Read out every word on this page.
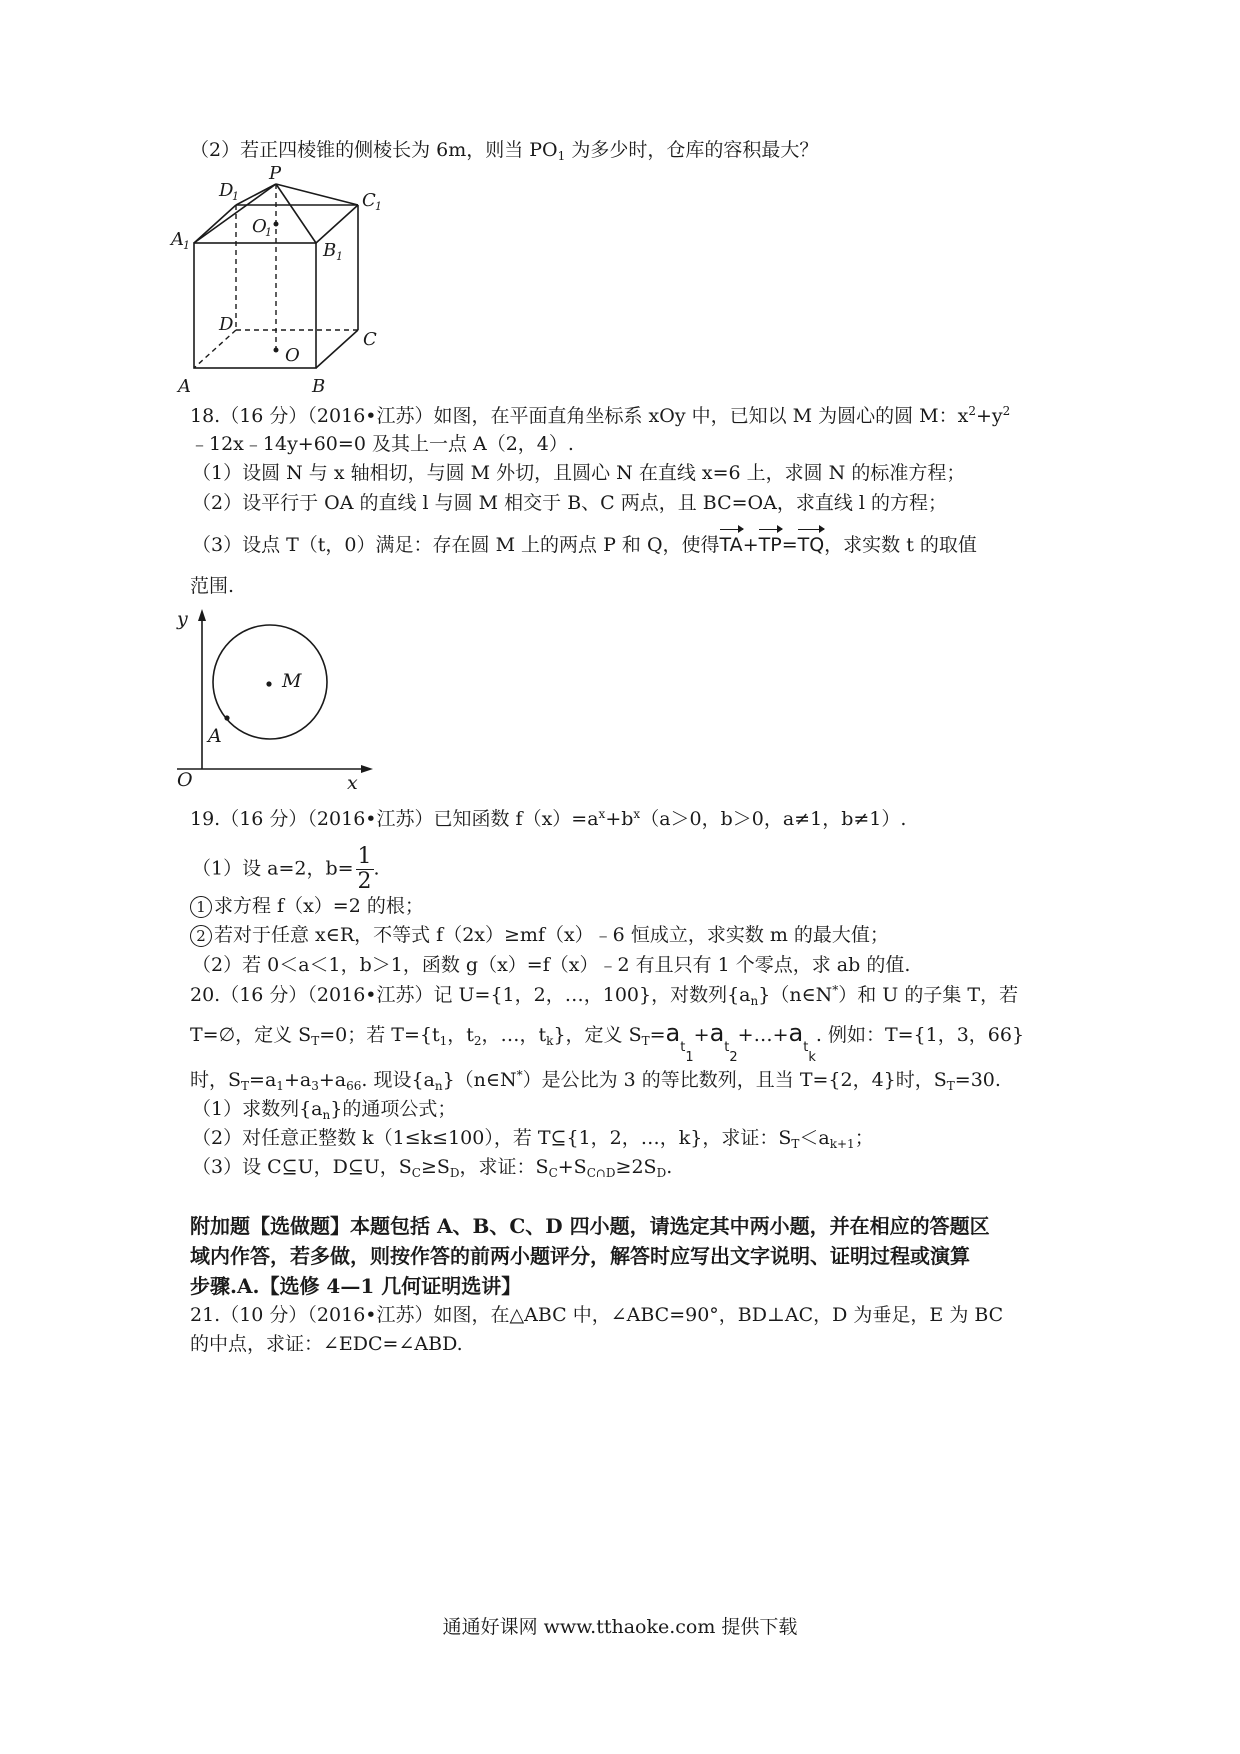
（2）若正四棱锥的侧棱长为 6m，则当 $PO_1$ 为多少时，仓库的容积最大？
P
D
1	C 1
A 1
O
1
B 1
D
C
O
A	B
18.（16 分）（2016•江苏）如图，在平面直角坐标系 xOy 中，已知以 M 为圆心的圆 M：$x^2+y^2$
﹣12x﹣14y+60=0 及其上一点 A（2，4）.
（1）设圆 N 与 x 轴相切，与圆 M 外切，且圆心 N 在直线 x=6 上，求圆 N 的标准方程；
（2）设平行于 OA 的直线 l 与圆 M 相交于 B、C 两点，且 BC=OA，求直线 l 的方程；
（3）设点 T（t，0）满足：存在圆 M 上的两点 P 和 Q，使得TA+TP=TQ，求实数 t 的取值
范围.
y
x
O
M
A
19.（16 分）（2016•江苏）已知函数 $f(x)=a^x+b^x(a>0$，b＞0，a≠1，b≠1）.
（1）设 a=2，$b= \frac{1}{2}$ .
1 求方程 f（x）=2 的根；
2 若对于任意 x∈R，不等式 f（2x）≥mf（x）﹣6 恒成立，求实数 m 的最大值；
（2）若 0＜a＜1，b＞1，函数 g（x）=f（x）﹣2 有且只有 1 个零点，求 ab 的值.
20.（16 分）（2016•江苏）记 U={1，2，…，100}，对数列$\{a_n\}(n\in N^*)$和 U 的子集 T，若
T=∅，定义 $S_T=0$；若 $T=\{t_1$，$t_2$，…，$t_k$}，定义 $S_T=a_{t_1}+a_{t_2}+\dots+a_{t_k}$. 例如：T={1，3，66}
时，$S_T=a_1+a_3+a_{66}$. 现设$\{a_n\}(n\in N^*)$是公比为 3 的等比数列，且当 T={2，4}时，$S_T=30$.
（1）求数列$\{a_n\}$的通项公式；
（2）对任意正整数 k（1≤k≤100），若 T⊆{1，2，…，k}，求证：$S_T<a_{k+1}$；
（3）设 C⊆U，D⊆U，$S_C\ge S_D$，求证：$S_C+S_{C\cap D}\ge 2S_D$.
附加题【选做题】本题包括 A、B、C、D 四小题，请选定其中两小题，并在相应的答题区
域内作答，若多做，则按作答的前两小题评分，解答时应写出文字说明、证明过程或演算
步骤.A.【选修 4—1 几何证明选讲】
21.（10 分）（2016•江苏）如图，在△ABC 中，∠ABC=90°，BD⊥AC，D 为垂足，E 为 BC
的中点，求证：∠EDC=∠ABD.
通通好课网 www.tthaoke.com 提供下载
